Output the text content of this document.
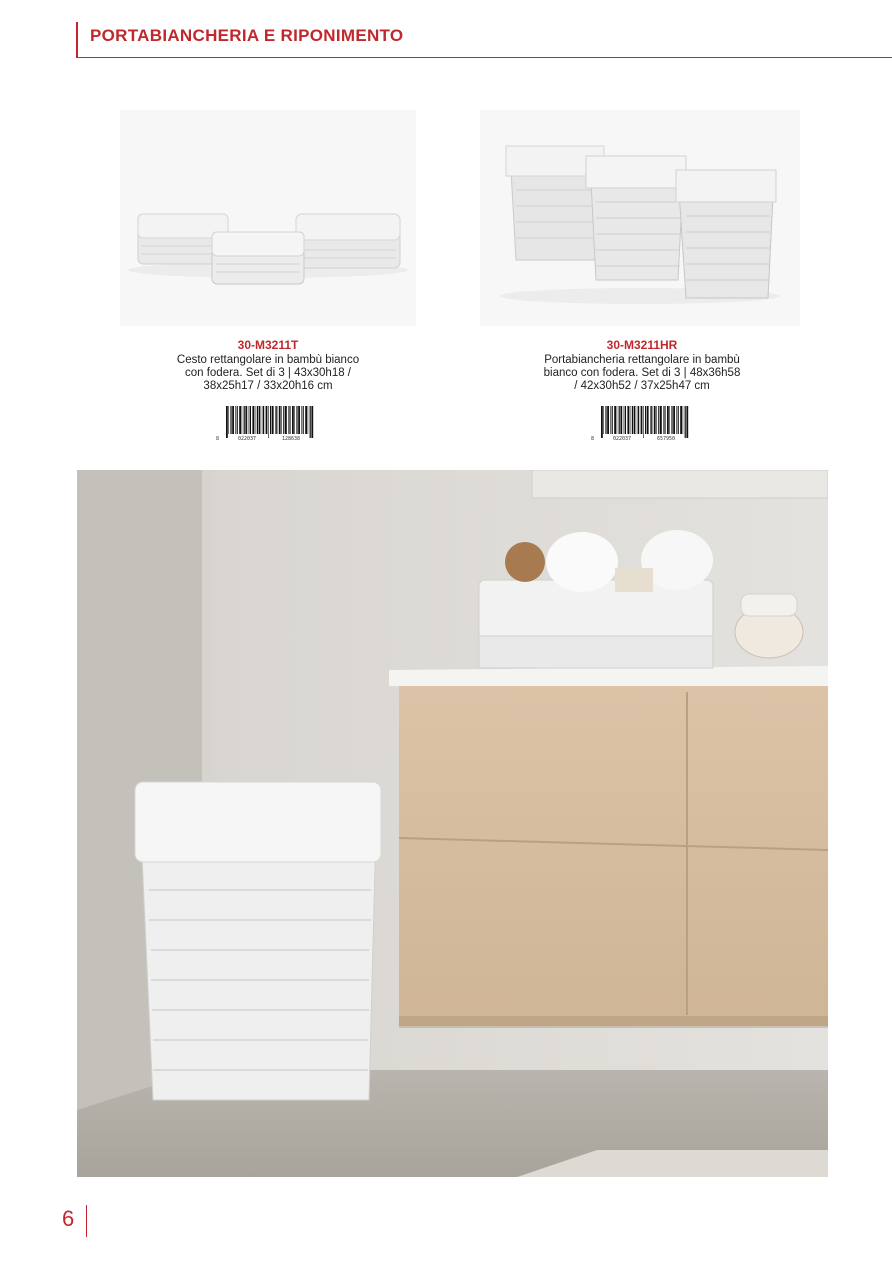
PORTABIANCHERIA E RIPONIMENTO
30-M3211T
Cesto rettangolare in bambù bianco
con fodera. Set di 3 | 43x30h18 /
38x25h17 / 33x20h16 cm
8	022037	128638
30-M3211HR
Portabiancheria rettangolare in bambù
bianco con fodera. Set di 3 | 48x36h58
/ 42x30h52 / 37x25h47 cm
8	022037	657950
6
